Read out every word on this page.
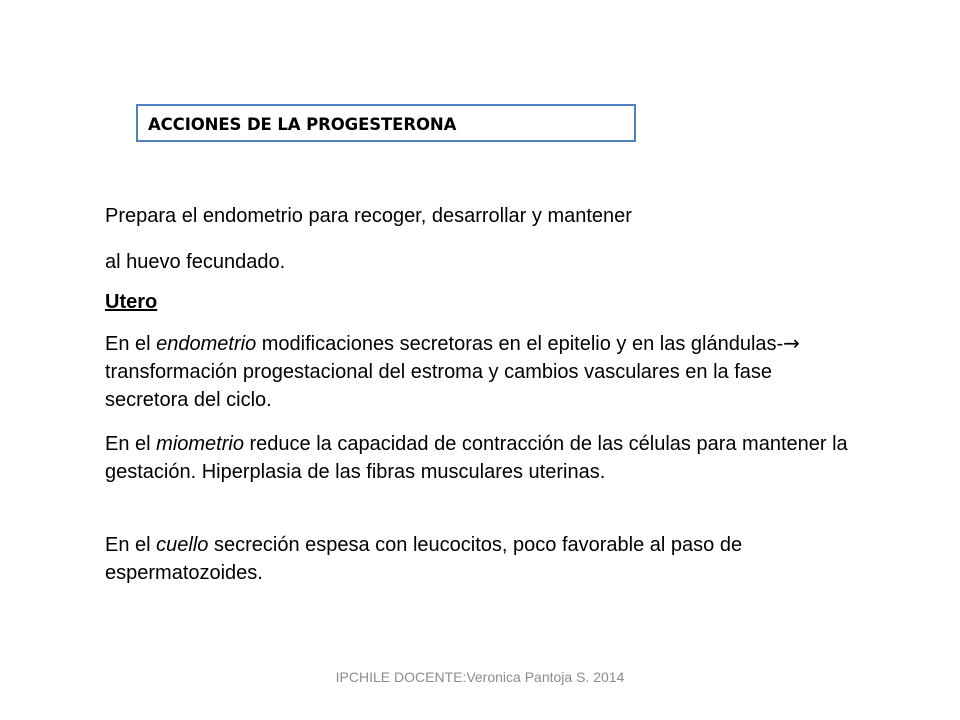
ACCIONES DE LA PROGESTERONA
Prepara el endometrio para recoger, desarrollar y mantener
al huevo fecundado.
Utero
En el endometrio modificaciones secretoras en el epitelio y en las glándulas-→ transformación progestacional del estroma y cambios vasculares en la fase secretora del ciclo.
En el miometrio reduce la capacidad de contracción de las células para mantener la gestación. Hiperplasia de las fibras musculares uterinas.
En el cuello secreción espesa con leucocitos, poco favorable al paso de espermatozoides.
IPCHILE DOCENTE:Veronica Pantoja S. 2014
